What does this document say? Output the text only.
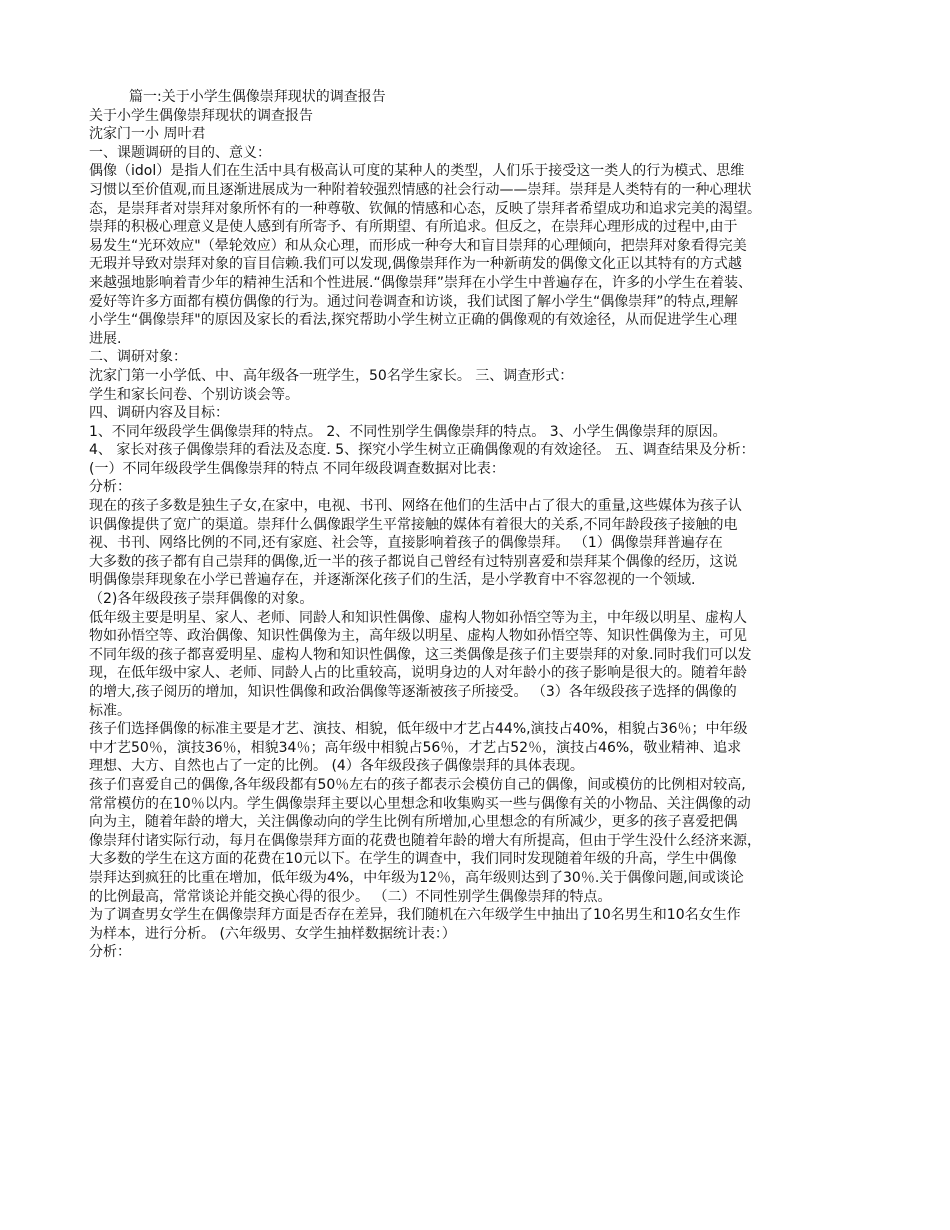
篇一:关于小学生偶像崇拜现状的调查报告
关于小学生偶像崇拜现状的调查报告
沈家门一小 周叶君
一、课题调研的目的、意义：
偶像（idol）是指人们在生活中具有极高认可度的某种人的类型，人们乐于接受这一类人的行为模式、思维
习惯以至价值观,而且逐渐进展成为一种附着较强烈情感的社会行动——崇拜。崇拜是人类特有的一种心理状
态，是崇拜者对崇拜对象所怀有的一种尊敬、钦佩的情感和心态，反映了崇拜者希望成功和追求完美的渴望。
崇拜的积极心理意义是使人感到有所寄予、有所期望、有所追求。但反之，在崇拜心理形成的过程中,由于
易发生“光环效应"（晕轮效应）和从众心理，而形成一种夸大和盲目崇拜的心理倾向，把崇拜对象看得完美
无瑕并导致对崇拜对象的盲目信赖.我们可以发现,偶像崇拜作为一种新萌发的偶像文化正以其特有的方式越
来越强地影响着青少年的精神生活和个性进展.“偶像崇拜”崇拜在小学生中普遍存在，许多的小学生在着装、
爱好等许多方面都有模仿偶像的行为。通过问卷调查和访谈，我们试图了解小学生“偶像崇拜”的特点,理解
小学生“偶像崇拜"的原因及家长的看法,探究帮助小学生树立正确的偶像观的有效途径，从而促进学生心理
进展.
二、调研对象：
沈家门第一小学低、中、高年级各一班学生，50名学生家长。 三、调查形式：
学生和家长问卷、个别访谈会等。
四、调研内容及目标：
1、不同年级段学生偶像崇拜的特点。 2、不同性别学生偶像崇拜的特点。 3、小学生偶像崇拜的原因。
4、 家长对孩子偶像崇拜的看法及态度. 5、探究小学生树立正确偶像观的有效途径。 五、调查结果及分析：
(一）不同年级段学生偶像崇拜的特点 不同年级段调查数据对比表：
分析：
现在的孩子多数是独生子女,在家中，电视、书刊、网络在他们的生活中占了很大的重量,这些媒体为孩子认
识偶像提供了宽广的渠道。崇拜什么偶像跟学生平常接触的媒体有着很大的关系,不同年龄段孩子接触的电
视、书刊、网络比例的不同,还有家庭、社会等，直接影响着孩子的偶像崇拜。 （1）偶像崇拜普遍存在
大多数的孩子都有自己崇拜的偶像,近一半的孩子都说自己曾经有过特别喜爱和崇拜某个偶像的经历，这说
明偶像崇拜现象在小学已普遍存在，并逐渐深化孩子们的生活，是小学教育中不容忽视的一个领域.
（2)各年级段孩子崇拜偶像的对象。
低年级主要是明星、家人、老师、同龄人和知识性偶像、虚构人物如孙悟空等为主，中年级以明星、虚构人
物如孙悟空等、政治偶像、知识性偶像为主，高年级以明星、虚构人物如孙悟空等、知识性偶像为主，可见
不同年级的孩子都喜爱明星、虚构人物和知识性偶像，这三类偶像是孩子们主要崇拜的对象.同时我们可以发
现，在低年级中家人、老师、同龄人占的比重较高，说明身边的人对年龄小的孩子影响是很大的。随着年龄
的增大,孩子阅历的增加，知识性偶像和政治偶像等逐渐被孩子所接受。 （3）各年级段孩子选择的偶像的
标准。
孩子们选择偶像的标准主要是才艺、演技、相貌，低年级中才艺占44%,演技占40%，相貌占36％；中年级
中才艺50％，演技36％，相貌34％；高年级中相貌占56％，才艺占52％，演技占46%，敬业精神、追求
理想、大方、自然也占了一定的比例。 (4）各年级段孩子偶像崇拜的具体表现。
孩子们喜爱自己的偶像,各年级段都有50％左右的孩子都表示会模仿自己的偶像，间或模仿的比例相对较高,
常常模仿的在10％以内。学生偶像崇拜主要以心里想念和收集购买一些与偶像有关的小物品、关注偶像的动
向为主，随着年龄的增大，关注偶像动向的学生比例有所增加,心里想念的有所减少，更多的孩子喜爱把偶
像崇拜付诸实际行动，每月在偶像崇拜方面的花费也随着年龄的增大有所提高，但由于学生没什么经济来源，
大多数的学生在这方面的花费在10元以下。在学生的调查中，我们同时发现随着年级的升高，学生中偶像
崇拜达到疯狂的比重在增加，低年级为4%，中年级为12％，高年级则达到了30％.关于偶像问题,间或谈论
的比例最高，常常谈论并能交换心得的很少。 （二）不同性别学生偶像崇拜的特点。
为了调查男女学生在偶像崇拜方面是否存在差异，我们随机在六年级学生中抽出了10名男生和10名女生作
为样本，进行分析。 (六年级男、女学生抽样数据统计表：）
分析：
